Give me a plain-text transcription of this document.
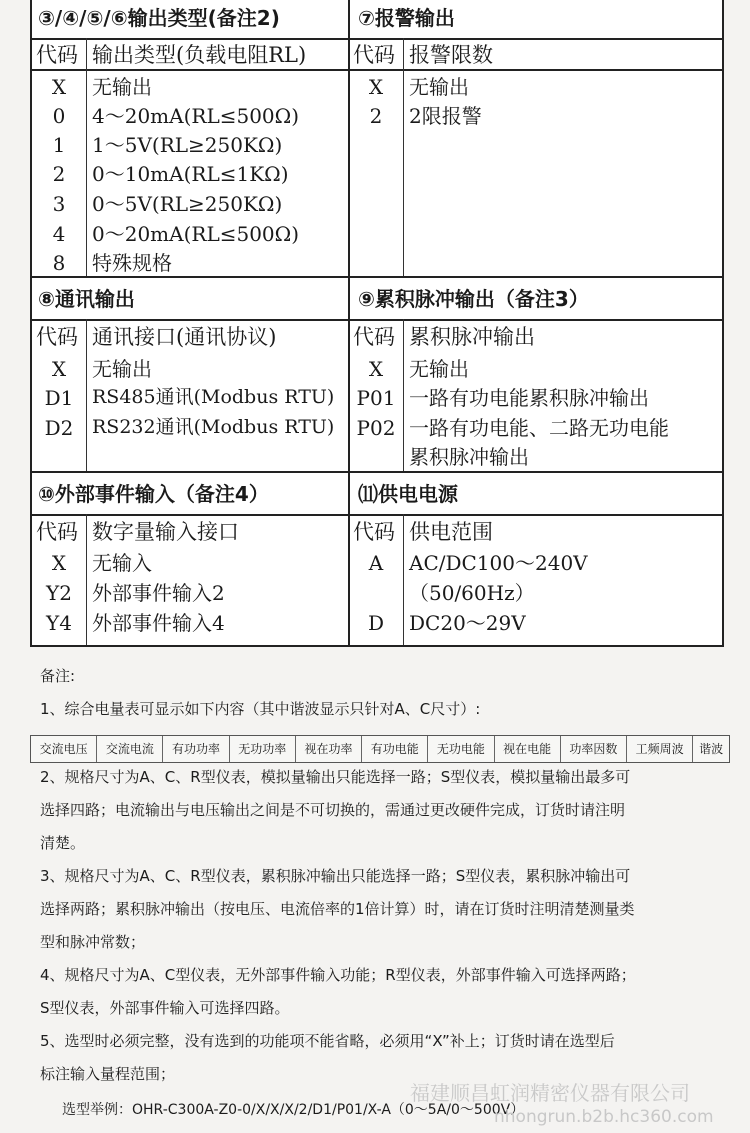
③/④/⑤/⑥输出类型(备注2)
代码 输出类型(负载电阻RL)
X	无输出
0	4～20mA(RL≤500Ω)
1	1～5V(RL≥250KΩ)
2	0～10mA(RL≤1KΩ)
3	0～5V(RL≥250KΩ)
4	0～20mA(RL≤500Ω)
8	特殊规格
⑦报警输出
代码 报警限数
X	无输出
2	2限报警
⑧通讯输出
代码 通讯接口(通讯协议)
X	无输出
D1 RS485通讯(Modbus RTU)
D2 RS232通讯(Modbus RTU)
⑨累积脉冲输出（备注3）
代码 累积脉冲输出
X	无输出
P01 一路有功电能累积脉冲输出
P02 一路有功电能、二路无功电能
累积脉冲输出
⑩外部事件输入（备注4）
代码 数字量输入接口
X	无输入
Y2	外部事件输入2
Y4	外部事件输入4
⑾供电电源
代码 供电范围
A	AC/DC100～240V
（50/60Hz）
D	DC20～29V
备注:
1、综合电量表可显示如下内容（其中谐波显示只针对A、C尺寸）:
交流电压	交流电流	有功功率	无功功率	视在功率	有功电能	无功电能	视在电能	功率因数	工频周波	谐波
2、规格尺寸为A、C、R型仪表，模拟量输出只能选择一路；S型仪表，模拟量输出最多可
选择四路；电流输出与电压输出之间是不可切换的，需通过更改硬件完成，订货时请注明
清楚。
3、规格尺寸为A、C、R型仪表，累积脉冲输出只能选择一路；S型仪表，累积脉冲输出可
选择两路；累积脉冲输出（按电压、电流倍率的1倍计算）时，请在订货时注明清楚测量类
型和脉冲常数；
4、规格尺寸为A、C型仪表，无外部事件输入功能；R型仪表，外部事件输入可选择两路；
S型仪表，外部事件输入可选择四路。
5、选型时必须完整，没有选到的功能项不能省略，必须用“X”补上；订货时请在选型后
标注输入量程范围；
选型举例：OHR-C300A-Z0-0/X/X/X/2/D1/P01/X-A（0～5A/0～500V）
福建顺昌虹润精密仪器有限公司
nhongrun.b2b.hc360.com
